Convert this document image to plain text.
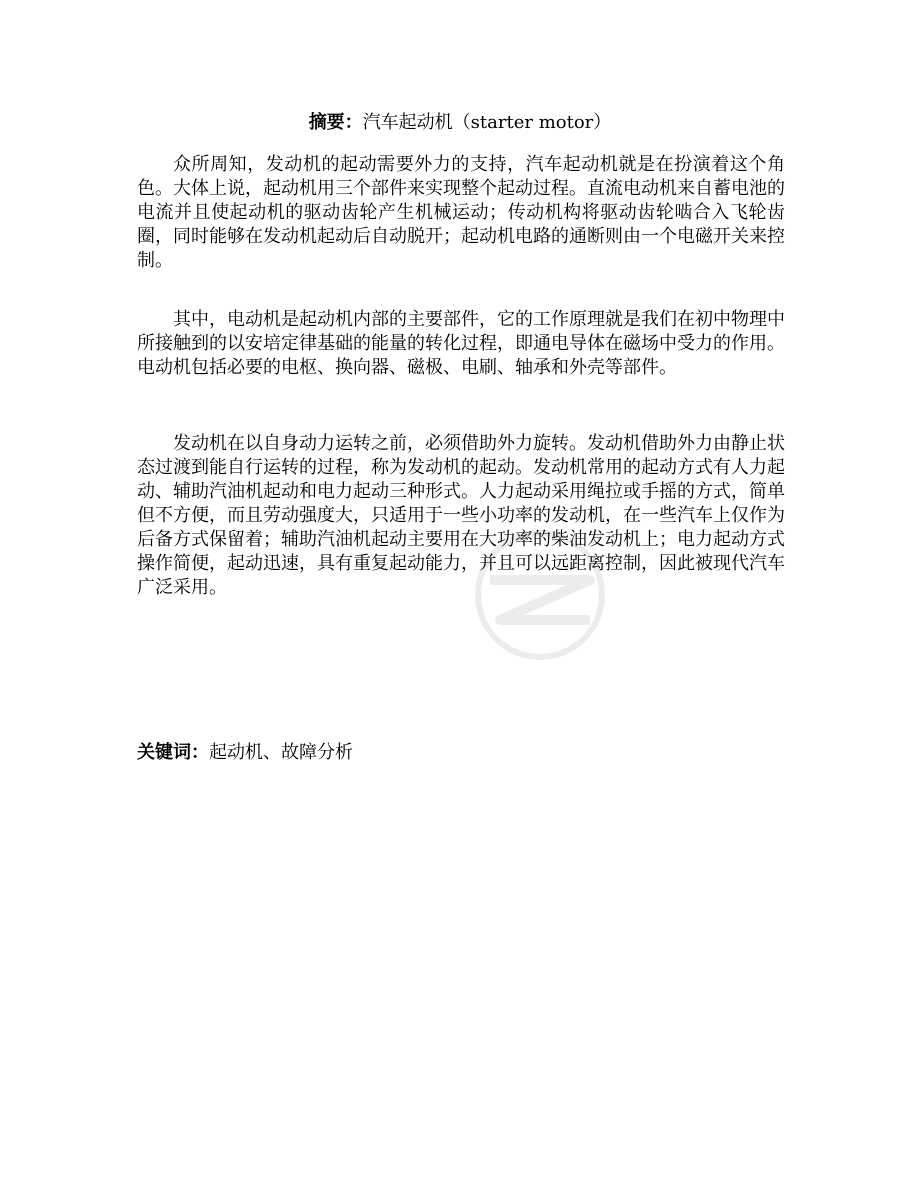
摘要：汽车起动机（starter motor）

众所周知，发动机的起动需要外力的支持，汽车起动机就是在扮演着这个角色。大体上说，起动机用三个部件来实现整个起动过程。直流电动机来自蓄电池的电流并且使起动机的驱动齿轮产生机械运动；传动机构将驱动齿轮啮合入飞轮齿圈，同时能够在发动机起动后自动脱开；起动机电路的通断则由一个电磁开关来控制。

其中，电动机是起动机内部的主要部件，它的工作原理就是我们在初中物理中所接触到的以安培定律基础的能量的转化过程，即通电导体在磁场中受力的作用。电动机包括必要的电枢、换向器、磁极、电刷、轴承和外壳等部件。

发动机在以自身动力运转之前，必须借助外力旋转。发动机借助外力由静止状态过渡到能自行运转的过程，称为发动机的起动。发动机常用的起动方式有人力起动、辅助汽油机起动和电力起动三种形式。人力起动采用绳拉或手摇的方式，简单但不方便，而且劳动强度大，只适用于一些小功率的发动机，在一些汽车上仅作为后备方式保留着；辅助汽油机起动主要用在大功率的柴油发动机上；电力起动方式操作简便，起动迅速，具有重复起动能力，并且可以远距离控制，因此被现代汽车广泛采用。

关键词：起动机、故障分析
